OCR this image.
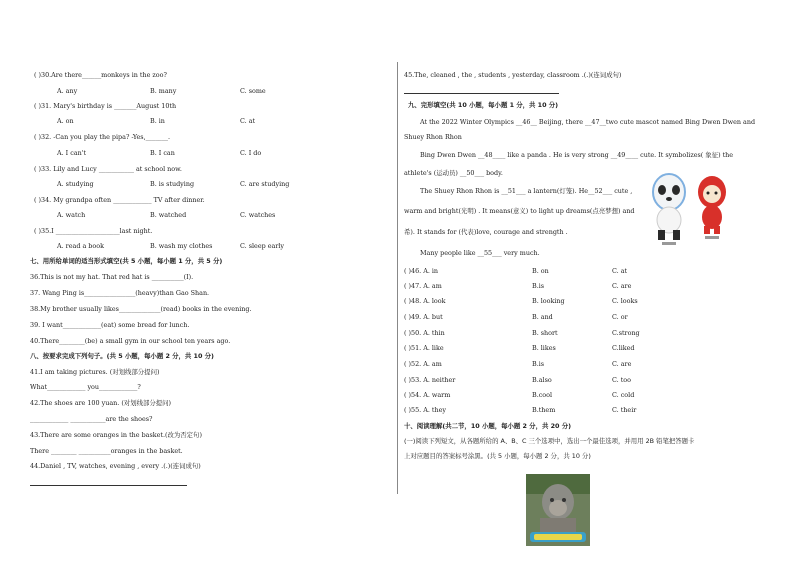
( )30.Are there______monkeys in the zoo?
A. any	B. many	C. some
( )31. Mary's birthday is _______August 10th
A. on	B. in	C. at
( )32. -Can you play the pipa? -Yes,_______.
A. I can't	B. I can	C. I do
( )33. Lily and Lucy ___________ at school now.
A. studying	B. is studying	C. are studying
( )34. My grandpa often ____________ TV after dinner.
A. watch	B. watched	C. watches
( )35.I ____________________last night.
A. read a book	B. wash my clothes	C. sleep early
七、用所给单词的适当形式填空(共 5 小题，每小题 1 分，共 5 分)
36.This is not my hat. That red hat is __________(I).
37. Wang Ping is________________(heavy)than Gao Shan.
38.My brother usually likes_____________(read) books in the evening.
39. I want____________(eat) some bread for lunch.
40.There________(be) a small gym in our school ten years ago.
八、按要求完成下列句子。(共 5 小题，每小题 2 分，共 10 分)
41.I am taking pictures. (对划线部分提问)
What____________ you____________?
42.The shoes are 100 yuan. (对划线部分提问)
____________ ___________are the shoes?
43.There are some oranges in the basket.(改为否定句)
There ________ __________oranges in the basket.
44.Daniel , TV, watches, evening , every .(.)(连词成句)
45.The, cleaned , the , students , yesterday, classroom .(.)(连词成句)
九、完形填空(共 10 小题，每小题 1 分，共 10 分)
At the 2022 Winter Olympics __46__ Beijing, there __47__two cute mascot named Bing Dwen Dwen and
Shuey Rhon Rhon
Bing Dwen Dwen __48____ like a panda . He is very strong __49____ cute. It symbolizes( 象征) the
athlete's (运动员) __50___ body.
The Shuey Rhon Rhon is __51___ a lantern(灯笼). He__52___ cute ,
warm and bright(光明) . It means(意义) to light up dreams(点亮梦想) and
希). It stands for (代表)love, courage and strength .
Many people like __55___ very much.
( )46. A. in	B. on	C. at
( )47. A. am	B.is	C. are
( )48. A. look	B. looking	C. looks
( )49. A. but	B. and	C. or
( )50. A. thin	B. short	C.strong
( )51. A. like	B. likes	C.liked
( )52. A. am	B.is	C. are
( )53. A. neither	B.also	C. too
( )54. A. warm	B.cool	C. cold
( )55. A. they	B.them	C. their
十、阅读理解(共二节，10 小题，每小题 2 分，共 20 分)
(一)阅读下列短文，从各题所给的 A、B、C 三个选项中，选出一个最佳选项，并用用 2B 铅笔把答题卡
上对应题目的答案标号涂黑。(共 5 小题，每小题 2 分，共 10 分)
